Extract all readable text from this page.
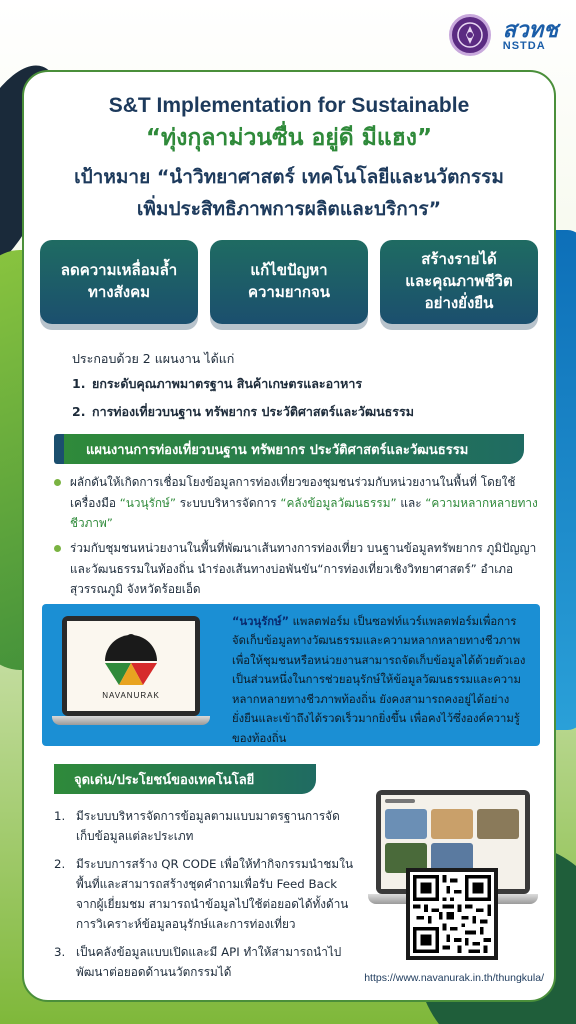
สวทช
NSTDA
S&T Implementation for Sustainable
“ทุ่งกุลาม่วนซื่น อยู่ดี มีแฮง”
เป้าหมาย “นำวิทยาศาสตร์ เทคโนโลยีและนวัตกรรม
เพิ่มประสิทธิภาพการผลิตและบริการ”
ลดความเหลื่อมล้ำ
ทางสังคม
แก้ไขปัญหา
ความยากจน
สร้างรายได้
และคุณภาพชีวิต
อย่างยั่งยืน
ประกอบด้วย 2 แผนงาน ได้แก่
1. ยกระดับคุณภาพมาตรฐาน สินค้าเกษตรและอาหาร
2. การท่องเที่ยวบนฐาน ทรัพยากร ประวัติศาสตร์และวัฒนธรรม
แผนงานการท่องเที่ยวบนฐาน ทรัพยากร ประวัติศาสตร์และวัฒนธรรม
ผลักดันให้เกิดการเชื่อมโยงข้อมูลการท่องเที่ยวของชุมชนร่วมกับหน่วยงานในพื้นที่ โดยใช้เครื่องมือ “นวนุรักษ์” ระบบบริหารจัดการ “คลังข้อมูลวัฒนธรรม” และ “ความหลากหลายทางชีวภาพ”
ร่วมกับชุมชนหน่วยงานในพื้นที่พัฒนาเส้นทางการท่องเที่ยว บนฐานข้อมูลทรัพยากร ภูมิปัญญาและวัฒนธรรมในท้องถิ่น นำร่องเส้นทางบ่อพันขัน“การท่องเที่ยวเชิงวิทยาศาสตร์” อำเภอสุวรรณภูมิ จังหวัดร้อยเอ็ด
NAVANURAK
“นวนุรักษ์” แพลตฟอร์ม เป็นซอฟท์แวร์แพลตฟอร์มเพื่อการจัดเก็บข้อมูลทางวัฒนธรรมและความหลากหลายทางชีวภาพ เพื่อให้ชุมชนหรือหน่วยงานสามารถจัดเก็บข้อมูลได้ด้วยตัวเองเป็นส่วนหนึ่งในการช่วยอนุรักษ์ให้ข้อมูลวัฒนธรรมและความหลากหลายทางชีวภาพท้องถิ่น ยังคงสามารถคงอยู่ได้อย่างยั่งยืนและเข้าถึงได้รวดเร็วมากยิ่งขึ้น เพื่อคงไว้ซึ่งองค์ความรู้ของท้องถิ่น
จุดเด่น/ประโยชน์ของเทคโนโลยี
1. มีระบบบริหารจัดการข้อมูลตามแบบมาตรฐานการจัดเก็บข้อมูลแต่ละประเภท
2. มีระบบการสร้าง QR CODE เพื่อให้ทำกิจกรรมนำชมในพื้นที่และสามารถสร้างชุดคำถามเพื่อรับ Feed Back จากผู้เยี่ยมชม สามารถนำข้อมูลไปใช้ต่อยอดได้ทั้งด้านการวิเคราะห์ข้อมูลอนุรักษ์และการท่องเที่ยว
3. เป็นคลังข้อมูลแบบเปิดและมี API ทำให้สามารถนำไปพัฒนาต่อยอดด้านนวัตกรรมได้	https://www.navanurak.in.th/thungkula/
